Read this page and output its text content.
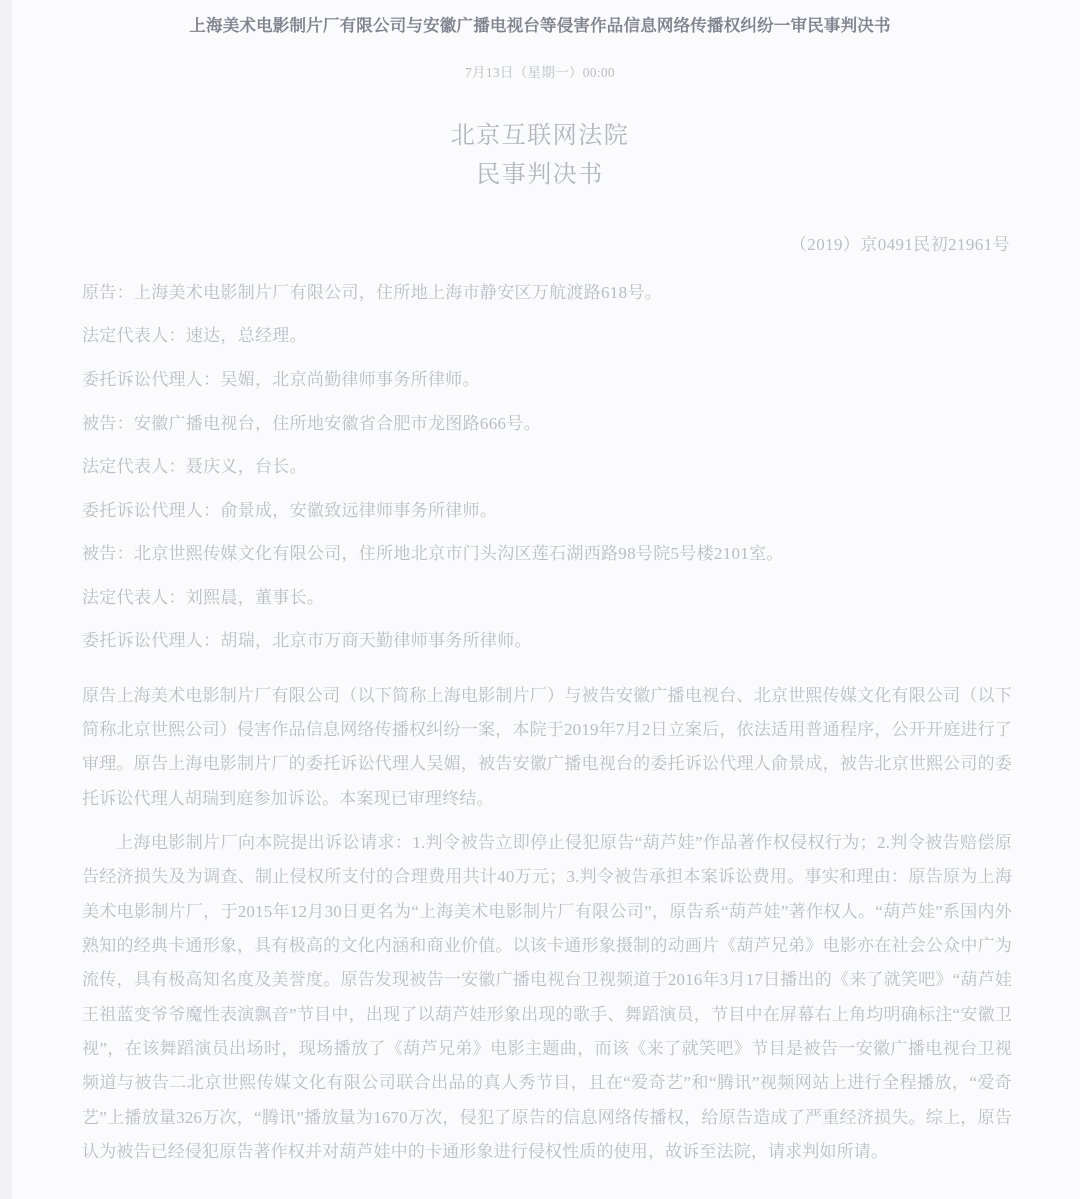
上海美术电影制片厂有限公司与安徽广播电视台等侵害作品信息网络传播权纠纷一审民事判决书
7月13日（星期一）00:00
北京互联网法院
民事判决书
（2019）京0491民初21961号

原告：上海美术电影制片厂有限公司，住所地上海市静安区万航渡路618号。

法定代表人：速达，总经理。

委托诉讼代理人：吴媚，北京尚勤律师事务所律师。

被告：安徽广播电视台，住所地安徽省合肥市龙图路666号。

法定代表人：聂庆义，台长。

委托诉讼代理人：俞景成，安徽致远律师事务所律师。

被告：北京世熙传媒文化有限公司，住所地北京市门头沟区莲石湖西路98号院5号楼2101室。

法定代表人：刘熙晨，董事长。

委托诉讼代理人：胡瑞，北京市万商天勤律师事务所律师。

原告上海美术电影制片厂有限公司（以下简称上海电影制片厂）与被告安徽广播电视台、北京世熙传媒文化有限公司（以下简称北京世熙公司）侵害作品信息网络传播权纠纷一案，本院于2019年7月2日立案后，依法适用普通程序，公开开庭进行了审理。原告上海电影制片厂的委托诉讼代理人吴媚，被告安徽广播电视台的委托诉讼代理人俞景成，被告北京世熙公司的委托诉讼代理人胡瑞到庭参加诉讼。本案现已审理终结。

上海电影制片厂向本院提出诉讼请求：1.判令被告立即停止侵犯原告“葫芦娃”作品著作权侵权行为；2.判令被告赔偿原告经济损失及为调查、制止侵权所支付的合理费用共计40万元；3.判令被告承担本案诉讼费用。事实和理由：原告原为上海美术电影制片厂，于2015年12月30日更名为“上海美术电影制片厂有限公司”，原告系“葫芦娃”著作权人。“葫芦娃”系国内外熟知的经典卡通形象，具有极高的文化内涵和商业价值。以该卡通形象摄制的动画片《葫芦兄弟》电影亦在社会公众中广为流传，具有极高知名度及美誉度。原告发现被告一安徽广播电视台卫视频道于2016年3月17日播出的《来了就笑吧》“葫芦娃王祖蓝变爷爷魔性表演飘音”节目中，出现了以葫芦娃形象出现的歌手、舞蹈演员，节目中在屏幕右上角均明确标注“安徽卫视”，在该舞蹈演员出场时，现场播放了《葫芦兄弟》电影主题曲，而该《来了就笑吧》节目是被告一安徽广播电视台卫视频道与被告二北京世熙传媒文化有限公司联合出品的真人秀节目，且在“爱奇艺”和“腾讯”视频网站上进行全程播放，“爱奇艺”上播放量326万次，“腾讯”播放量为1670万次，侵犯了原告的信息网络传播权，给原告造成了严重经济损失。综上，原告认为被告已经侵犯原告著作权并对葫芦娃中的卡通形象进行侵权性质的使用，故诉至法院，请求判如所请。
